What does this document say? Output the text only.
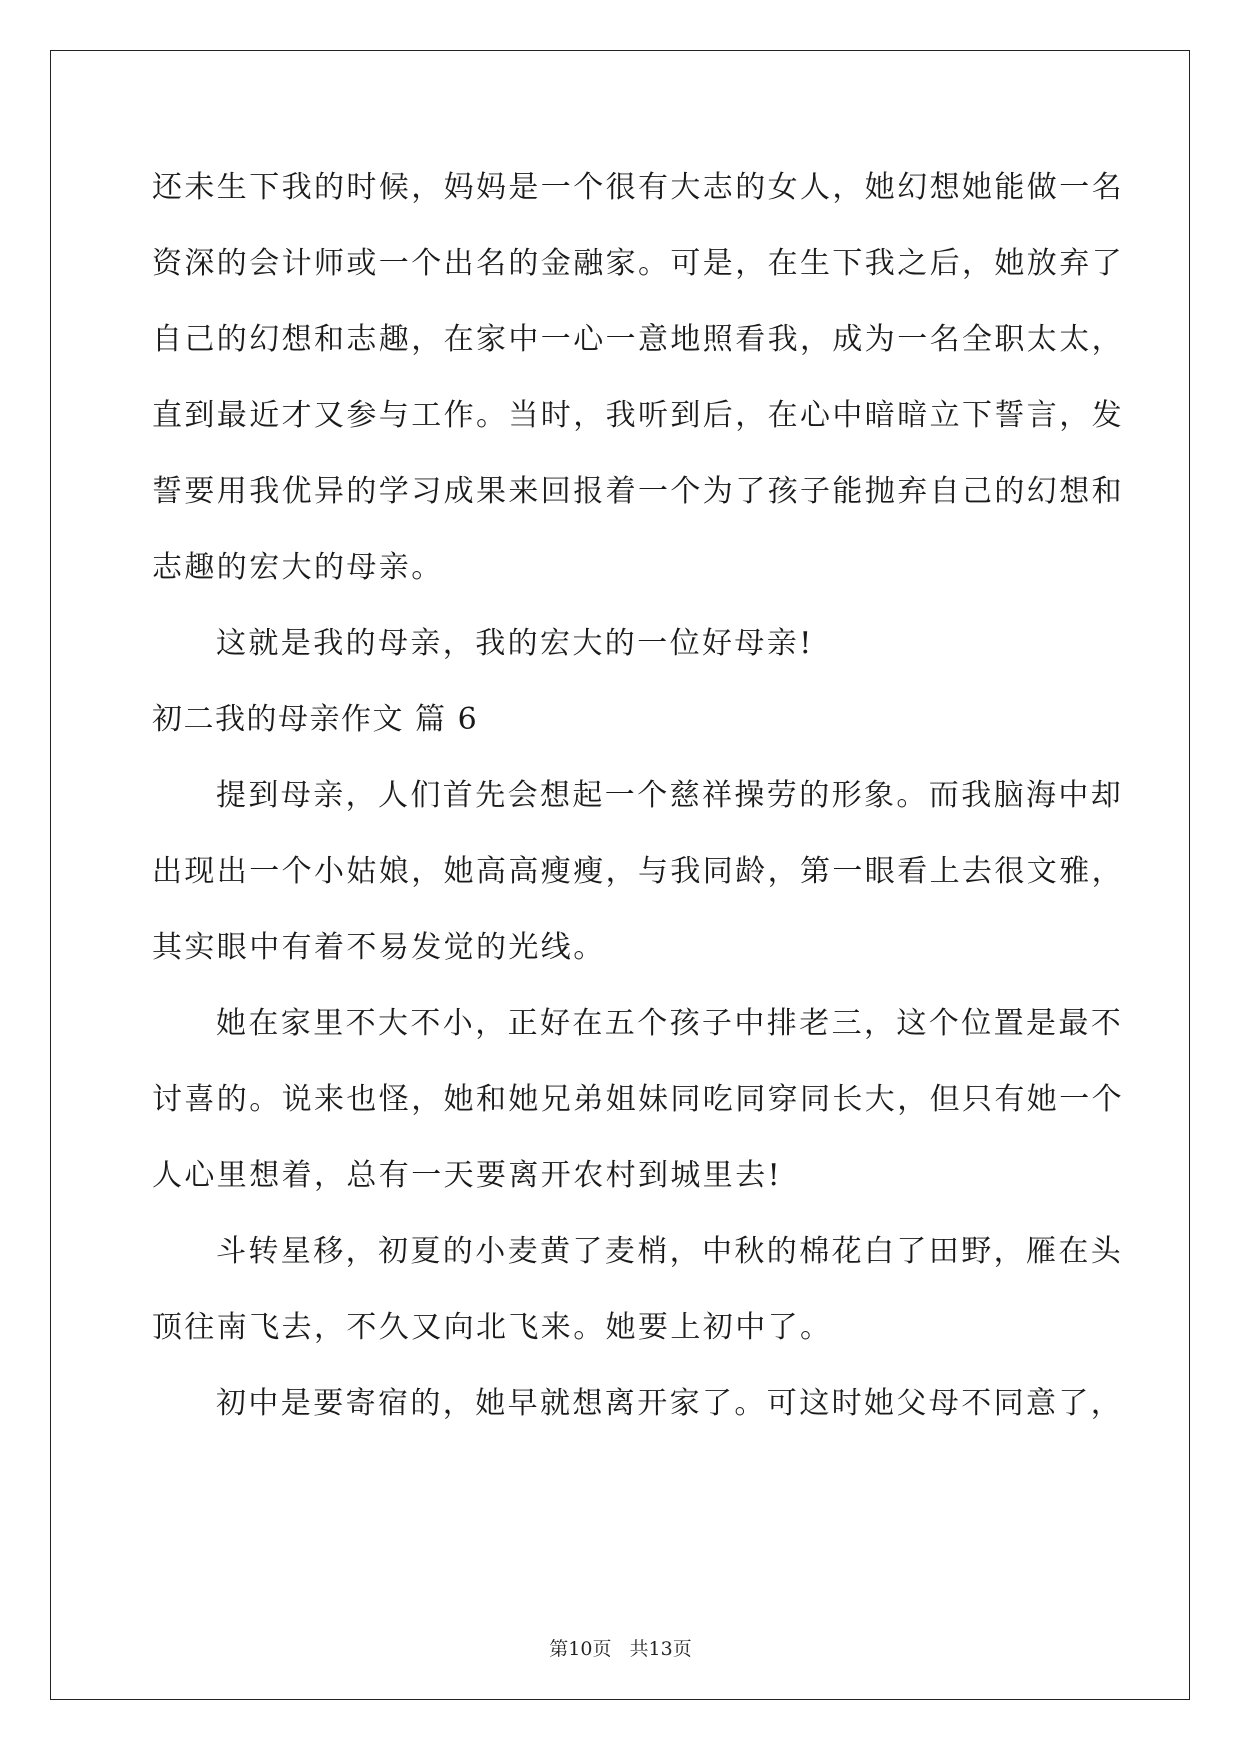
还未生下我的时候，妈妈是一个很有大志的女人，她幻想她能做一名
资深的会计师或一个出名的金融家。可是，在生下我之后，她放弃了
自己的幻想和志趣，在家中一心一意地照看我，成为一名全职太太，
直到最近才又参与工作。当时，我听到后，在心中暗暗立下誓言，发
誓要用我优异的学习成果来回报着一个为了孩子能抛弃自己的幻想和
志趣的宏大的母亲。
这就是我的母亲，我的宏大的一位好母亲!
初二我的母亲作文 篇 6
提到母亲，人们首先会想起一个慈祥操劳的形象。而我脑海中却
出现出一个小姑娘，她高高瘦瘦，与我同龄，第一眼看上去很文雅，
其实眼中有着不易发觉的光线。
她在家里不大不小，正好在五个孩子中排老三，这个位置是最不
讨喜的。说来也怪，她和她兄弟姐妹同吃同穿同长大，但只有她一个
人心里想着，总有一天要离开农村到城里去!
斗转星移，初夏的小麦黄了麦梢，中秋的棉花白了田野，雁在头
顶往南飞去，不久又向北飞来。她要上初中了。
初中是要寄宿的，她早就想离开家了。可这时她父母不同意了，
第10页 共13页
